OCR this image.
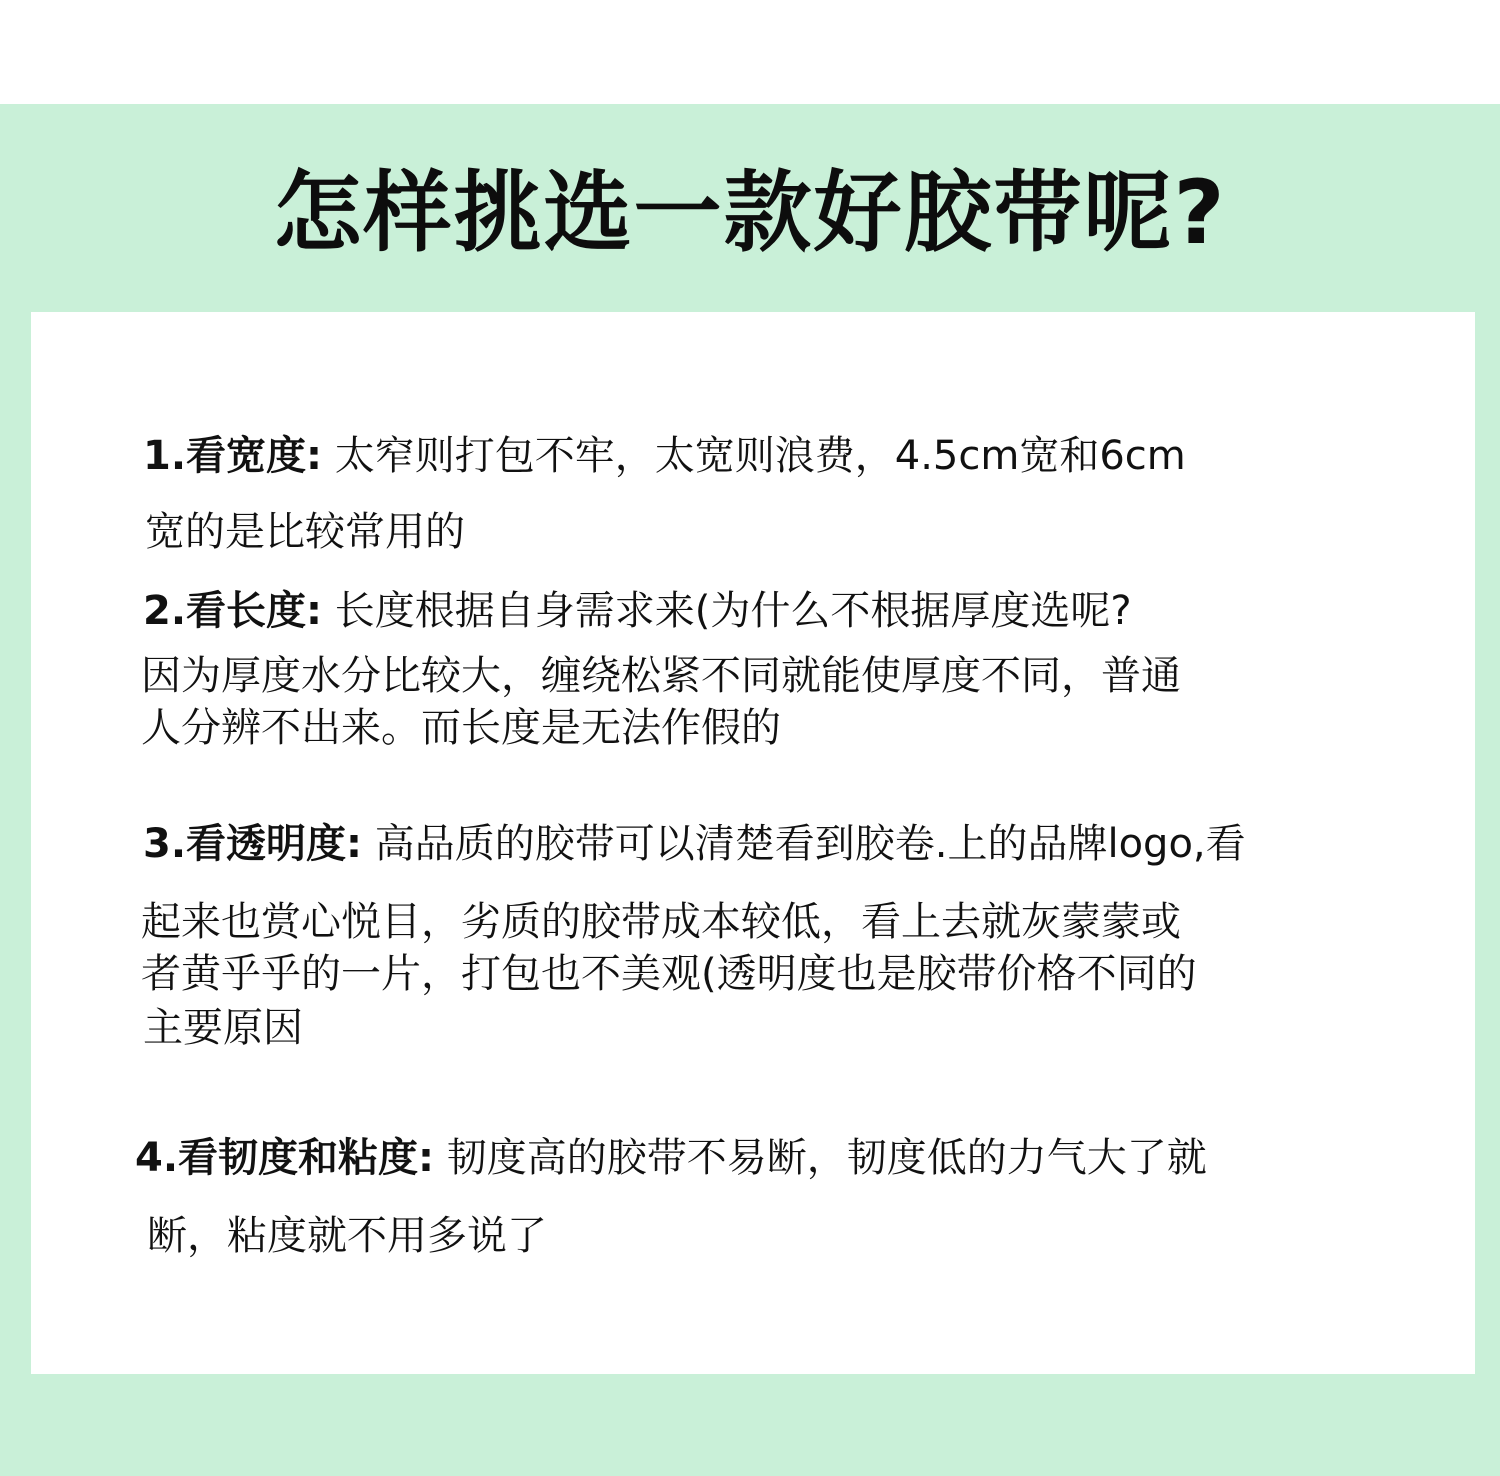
怎样挑选一款好胶带呢?
1.看宽度: 太窄则打包不牢，太宽则浪费，4.5cm宽和6cm
宽的是比较常用的
2.看长度: 长度根据自身需求来(为什么不根据厚度选呢?
因为厚度水分比较大，缠绕松紧不同就能使厚度不同，普通
人分辨不出来。而长度是无法作假的
3.看透明度: 高品质的胶带可以清楚看到胶卷.上的品牌logo,看
起来也赏心悦目，劣质的胶带成本较低，看上去就灰蒙蒙或
者黄乎乎的一片，打包也不美观(透明度也是胶带价格不同的
主要原因
4.看韧度和粘度: 韧度高的胶带不易断，韧度低的力气大了就
断，粘度就不用多说了
